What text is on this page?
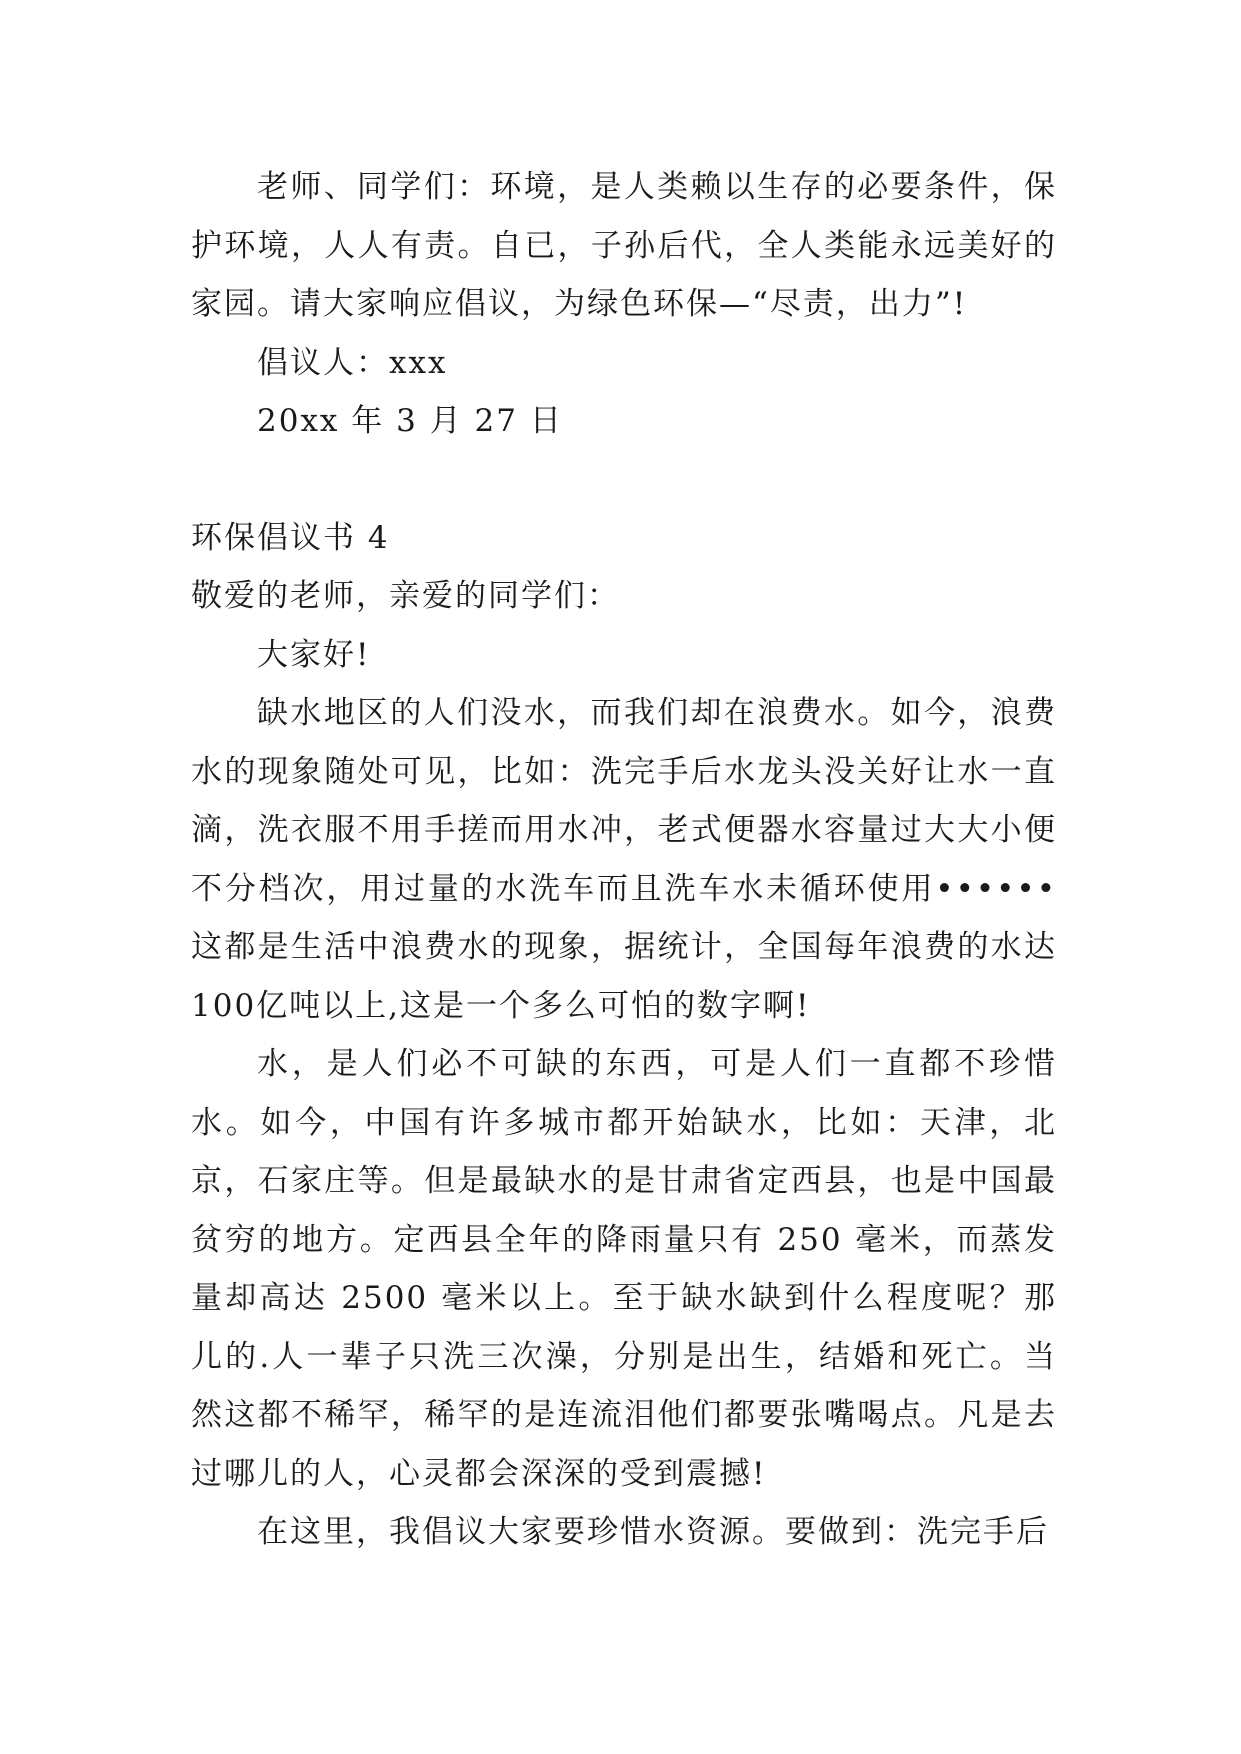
老师、同学们：环境，是人类赖以生存的必要条件，保护环境，人人有责。自已，子孙后代，全人类能永远美好的家园。请大家响应倡议，为绿色环保—“尽责，出力”!

倡议人：xxx

20xx 年 3 月 27 日

环保倡议书 4

敬爱的老师，亲爱的同学们：

大家好!

缺水地区的人们没水，而我们却在浪费水。如今，浪费水的现象随处可见，比如：洗完手后水龙头没关好让水一直滴，洗衣服不用手搓而用水冲，老式便器水容量过大大小便不分档次，用过量的水洗车而且洗车水未循环使用••••••这都是生活中浪费水的现象，据统计，全国每年浪费的水达100亿吨以上,这是一个多么可怕的数字啊!

水，是人们必不可缺的东西，可是人们一直都不珍惜水。如今，中国有许多城市都开始缺水，比如：天津，北京，石家庄等。但是最缺水的是甘肃省定西县，也是中国最贫穷的地方。定西县全年的降雨量只有 250 毫米，而蒸发量却高达 2500 毫米以上。至于缺水缺到什么程度呢？那儿的.人一辈子只洗三次澡，分别是出生，结婚和死亡。当然这都不稀罕，稀罕的是连流泪他们都要张嘴喝点。凡是去过哪儿的人，心灵都会深深的受到震撼!

在这里，我倡议大家要珍惜水资源。要做到：洗完手后
